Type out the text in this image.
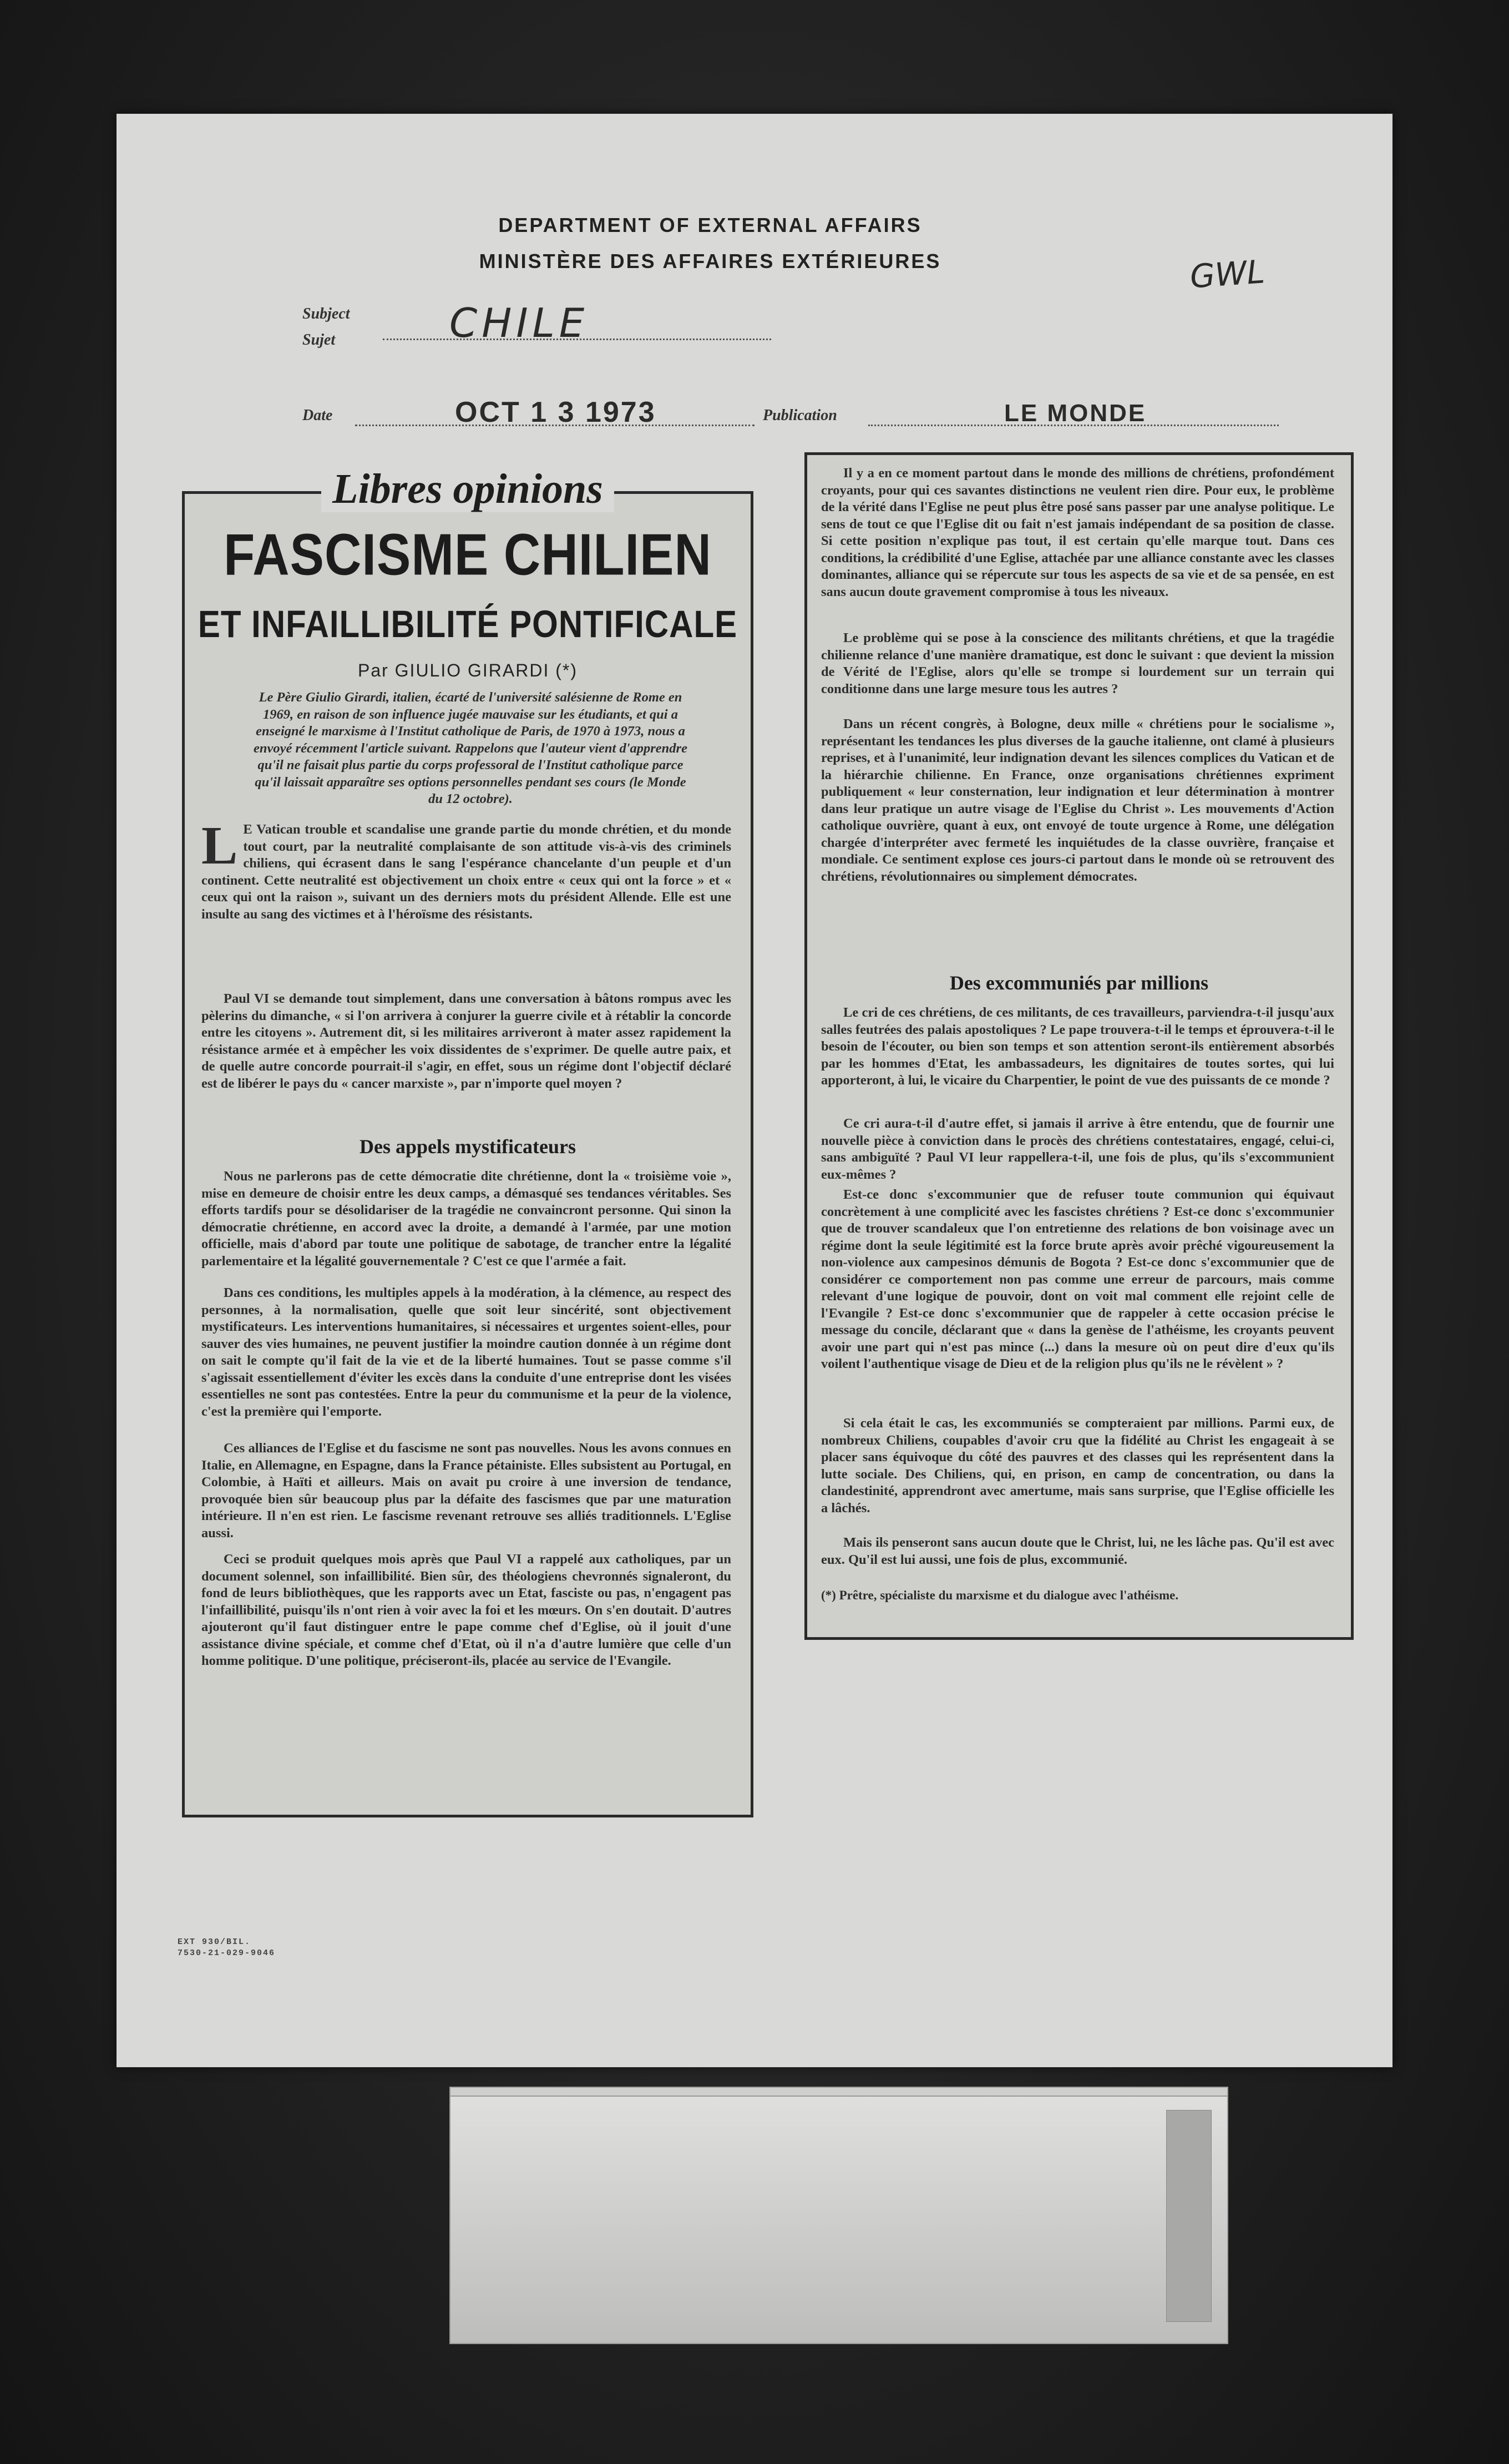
DEPARTMENT OF EXTERNAL AFFAIRS
MINISTÈRE DES AFFAIRES EXTÉRIEURES	GWL
Subject
Sujet	CHILE
Date	OCT 1 3 1973	Publication	LE MONDE
Libres opinions
FASCISME CHILIEN
ET INFAILLIBILITÉ PONTIFICALE
Par GIULIO GIRARDI (*)

Le Père Giulio Girardi, italien, écarté de l'université salésienne de Rome en 1969, en raison de son influence jugée mauvaise sur les étudiants, et qui a enseigné le marxisme à l'Institut catholique de Paris, de 1970 à 1973, nous a envoyé récemment l'article suivant. Rappelons que l'auteur vient d'apprendre qu'il ne faisait plus partie du corps professoral de l'Institut catholique parce qu'il laissait apparaître ses options personnelles pendant ses cours (le Monde du 12 octobre).

L E Vatican trouble et scandalise une grande partie du monde chrétien, et du monde tout court, par la neutralité complaisante de son attitude vis-à-vis des criminels chiliens, qui écrasent dans le sang l'espérance chancelante d'un peuple et d'un continent. Cette neutralité est objectivement un choix entre « ceux qui ont la force » et « ceux qui ont la raison », suivant un des derniers mots du président Allende. Elle est une insulte au sang des victimes et à l'héroïsme des résistants.

Paul VI se demande tout simplement, dans une conversation à bâtons rompus avec les pèlerins du dimanche, « si l'on arrivera à conjurer la guerre civile et à rétablir la concorde entre les citoyens ». Autrement dit, si les militaires arriveront à mater assez rapidement la résistance armée et à empêcher les voix dissidentes de s'exprimer. De quelle autre paix, et de quelle autre concorde pourrait-il s'agir, en effet, sous un régime dont l'objectif déclaré est de libérer le pays du « cancer marxiste », par n'importe quel moyen ?

Des appels mystificateurs

Nous ne parlerons pas de cette démocratie dite chrétienne, dont la « troisième voie », mise en demeure de choisir entre les deux camps, a démasqué ses tendances véritables. Ses efforts tardifs pour se désolidariser de la tragédie ne convaincront personne. Qui sinon la démocratie chrétienne, en accord avec la droite, a demandé à l'armée, par une motion officielle, mais d'abord par toute une politique de sabotage, de trancher entre la légalité parlementaire et la légalité gouvernementale ? C'est ce que l'armée a fait.

Dans ces conditions, les multiples appels à la modération, à la clémence, au respect des personnes, à la normalisation, quelle que soit leur sincérité, sont objectivement mystificateurs. Les interventions humanitaires, si nécessaires et urgentes soient-elles, pour sauver des vies humaines, ne peuvent justifier la moindre caution donnée à un régime dont on sait le compte qu'il fait de la vie et de la liberté humaines. Tout se passe comme s'il s'agissait essentiellement d'éviter les excès dans la conduite d'une entreprise dont les visées essentielles ne sont pas contestées. Entre la peur du communisme et la peur de la violence, c'est la première qui l'emporte.

Ces alliances de l'Eglise et du fascisme ne sont pas nouvelles. Nous les avons connues en Italie, en Allemagne, en Espagne, dans la France pétainiste. Elles subsistent au Portugal, en Colombie, à Haïti et ailleurs. Mais on avait pu croire à une inversion de tendance, provoquée bien sûr beaucoup plus par la défaite des fascismes que par une maturation intérieure. Il n'en est rien. Le fascisme revenant retrouve ses alliés traditionnels. L'Eglise aussi.

Ceci se produit quelques mois après que Paul VI a rappelé aux catholiques, par un document solennel, son infaillibilité. Bien sûr, des théologiens chevronnés signaleront, du fond de leurs bibliothèques, que les rapports avec un Etat, fasciste ou pas, n'engagent pas l'infaillibilité, puisqu'ils n'ont rien à voir avec la foi et les mœurs. On s'en doutait. D'autres ajouteront qu'il faut distinguer entre le pape comme chef d'Eglise, où il jouit d'une assistance divine spéciale, et comme chef d'Etat, où il n'a d'autre lumière que celle d'un homme politique. D'une politique, préciseront-ils, placée au service de l'Evangile.

Il y a en ce moment partout dans le monde des millions de chrétiens, profondément croyants, pour qui ces savantes distinctions ne veulent rien dire. Pour eux, le problème de la vérité dans l'Eglise ne peut plus être posé sans passer par une analyse politique. Le sens de tout ce que l'Eglise dit ou fait n'est jamais indépendant de sa position de classe. Si cette position n'explique pas tout, il est certain qu'elle marque tout. Dans ces conditions, la crédibilité d'une Eglise, attachée par une alliance constante avec les classes dominantes, alliance qui se répercute sur tous les aspects de sa vie et de sa pensée, en est sans aucun doute gravement compromise à tous les niveaux.

Le problème qui se pose à la conscience des militants chrétiens, et que la tragédie chilienne relance d'une manière dramatique, est donc le suivant : que devient la mission de Vérité de l'Eglise, alors qu'elle se trompe si lourdement sur un terrain qui conditionne dans une large mesure tous les autres ?

Dans un récent congrès, à Bologne, deux mille « chrétiens pour le socialisme », représentant les tendances les plus diverses de la gauche italienne, ont clamé à plusieurs reprises, et à l'unanimité, leur indignation devant les silences complices du Vatican et de la hiérarchie chilienne. En France, onze organisations chrétiennes expriment publiquement « leur consternation, leur indignation et leur détermination à montrer dans leur pratique un autre visage de l'Eglise du Christ ». Les mouvements d'Action catholique ouvrière, quant à eux, ont envoyé de toute urgence à Rome, une délégation chargée d'interpréter avec fermeté les inquiétudes de la classe ouvrière, française et mondiale. Ce sentiment explose ces jours-ci partout dans le monde où se retrouvent des chrétiens, révolutionnaires ou simplement démocrates.

Des excommuniés par millions

Le cri de ces chrétiens, de ces militants, de ces travailleurs, parviendra-t-il jusqu'aux salles feutrées des palais apostoliques ? Le pape trouvera-t-il le temps et éprouvera-t-il le besoin de l'écouter, ou bien son temps et son attention seront-ils entièrement absorbés par les hommes d'Etat, les ambassadeurs, les dignitaires de toutes sortes, qui lui apporteront, à lui, le vicaire du Charpentier, le point de vue des puissants de ce monde ?

Ce cri aura-t-il d'autre effet, si jamais il arrive à être entendu, que de fournir une nouvelle pièce à conviction dans le procès des chrétiens contestataires, engagé, celui-ci, sans ambiguïté ? Paul VI leur rappellera-t-il, une fois de plus, qu'ils s'excommunient eux-mêmes ?

Est-ce donc s'excommunier que de refuser toute communion qui équivaut concrètement à une complicité avec les fascistes chrétiens ? Est-ce donc s'excommunier que de trouver scandaleux que l'on entretienne des relations de bon voisinage avec un régime dont la seule légitimité est la force brute après avoir prêché vigoureusement la non-violence aux campesinos démunis de Bogota ? Est-ce donc s'excommunier que de considérer ce comportement non pas comme une erreur de parcours, mais comme relevant d'une logique de pouvoir, dont on voit mal comment elle rejoint celle de l'Evangile ? Est-ce donc s'excommunier que de rappeler à cette occasion précise le message du concile, déclarant que « dans la genèse de l'athéisme, les croyants peuvent avoir une part qui n'est pas mince (...) dans la mesure où on peut dire d'eux qu'ils voilent l'authentique visage de Dieu et de la religion plus qu'ils ne le révèlent » ?

Si cela était le cas, les excommuniés se compteraient par millions. Parmi eux, de nombreux Chiliens, coupables d'avoir cru que la fidélité au Christ les engageait à se placer sans équivoque du côté des pauvres et des classes qui les représentent dans la lutte sociale. Des Chiliens, qui, en prison, en camp de concentration, ou dans la clandestinité, apprendront avec amertume, mais sans surprise, que l'Eglise officielle les a lâchés.

Mais ils penseront sans aucun doute que le Christ, lui, ne les lâche pas. Qu'il est avec eux. Qu'il est lui aussi, une fois de plus, excommunié.

(*) Prêtre, spécialiste du marxisme et du dialogue avec l'athéisme.

EXT 930/BIL.
7530-21-029-9046
